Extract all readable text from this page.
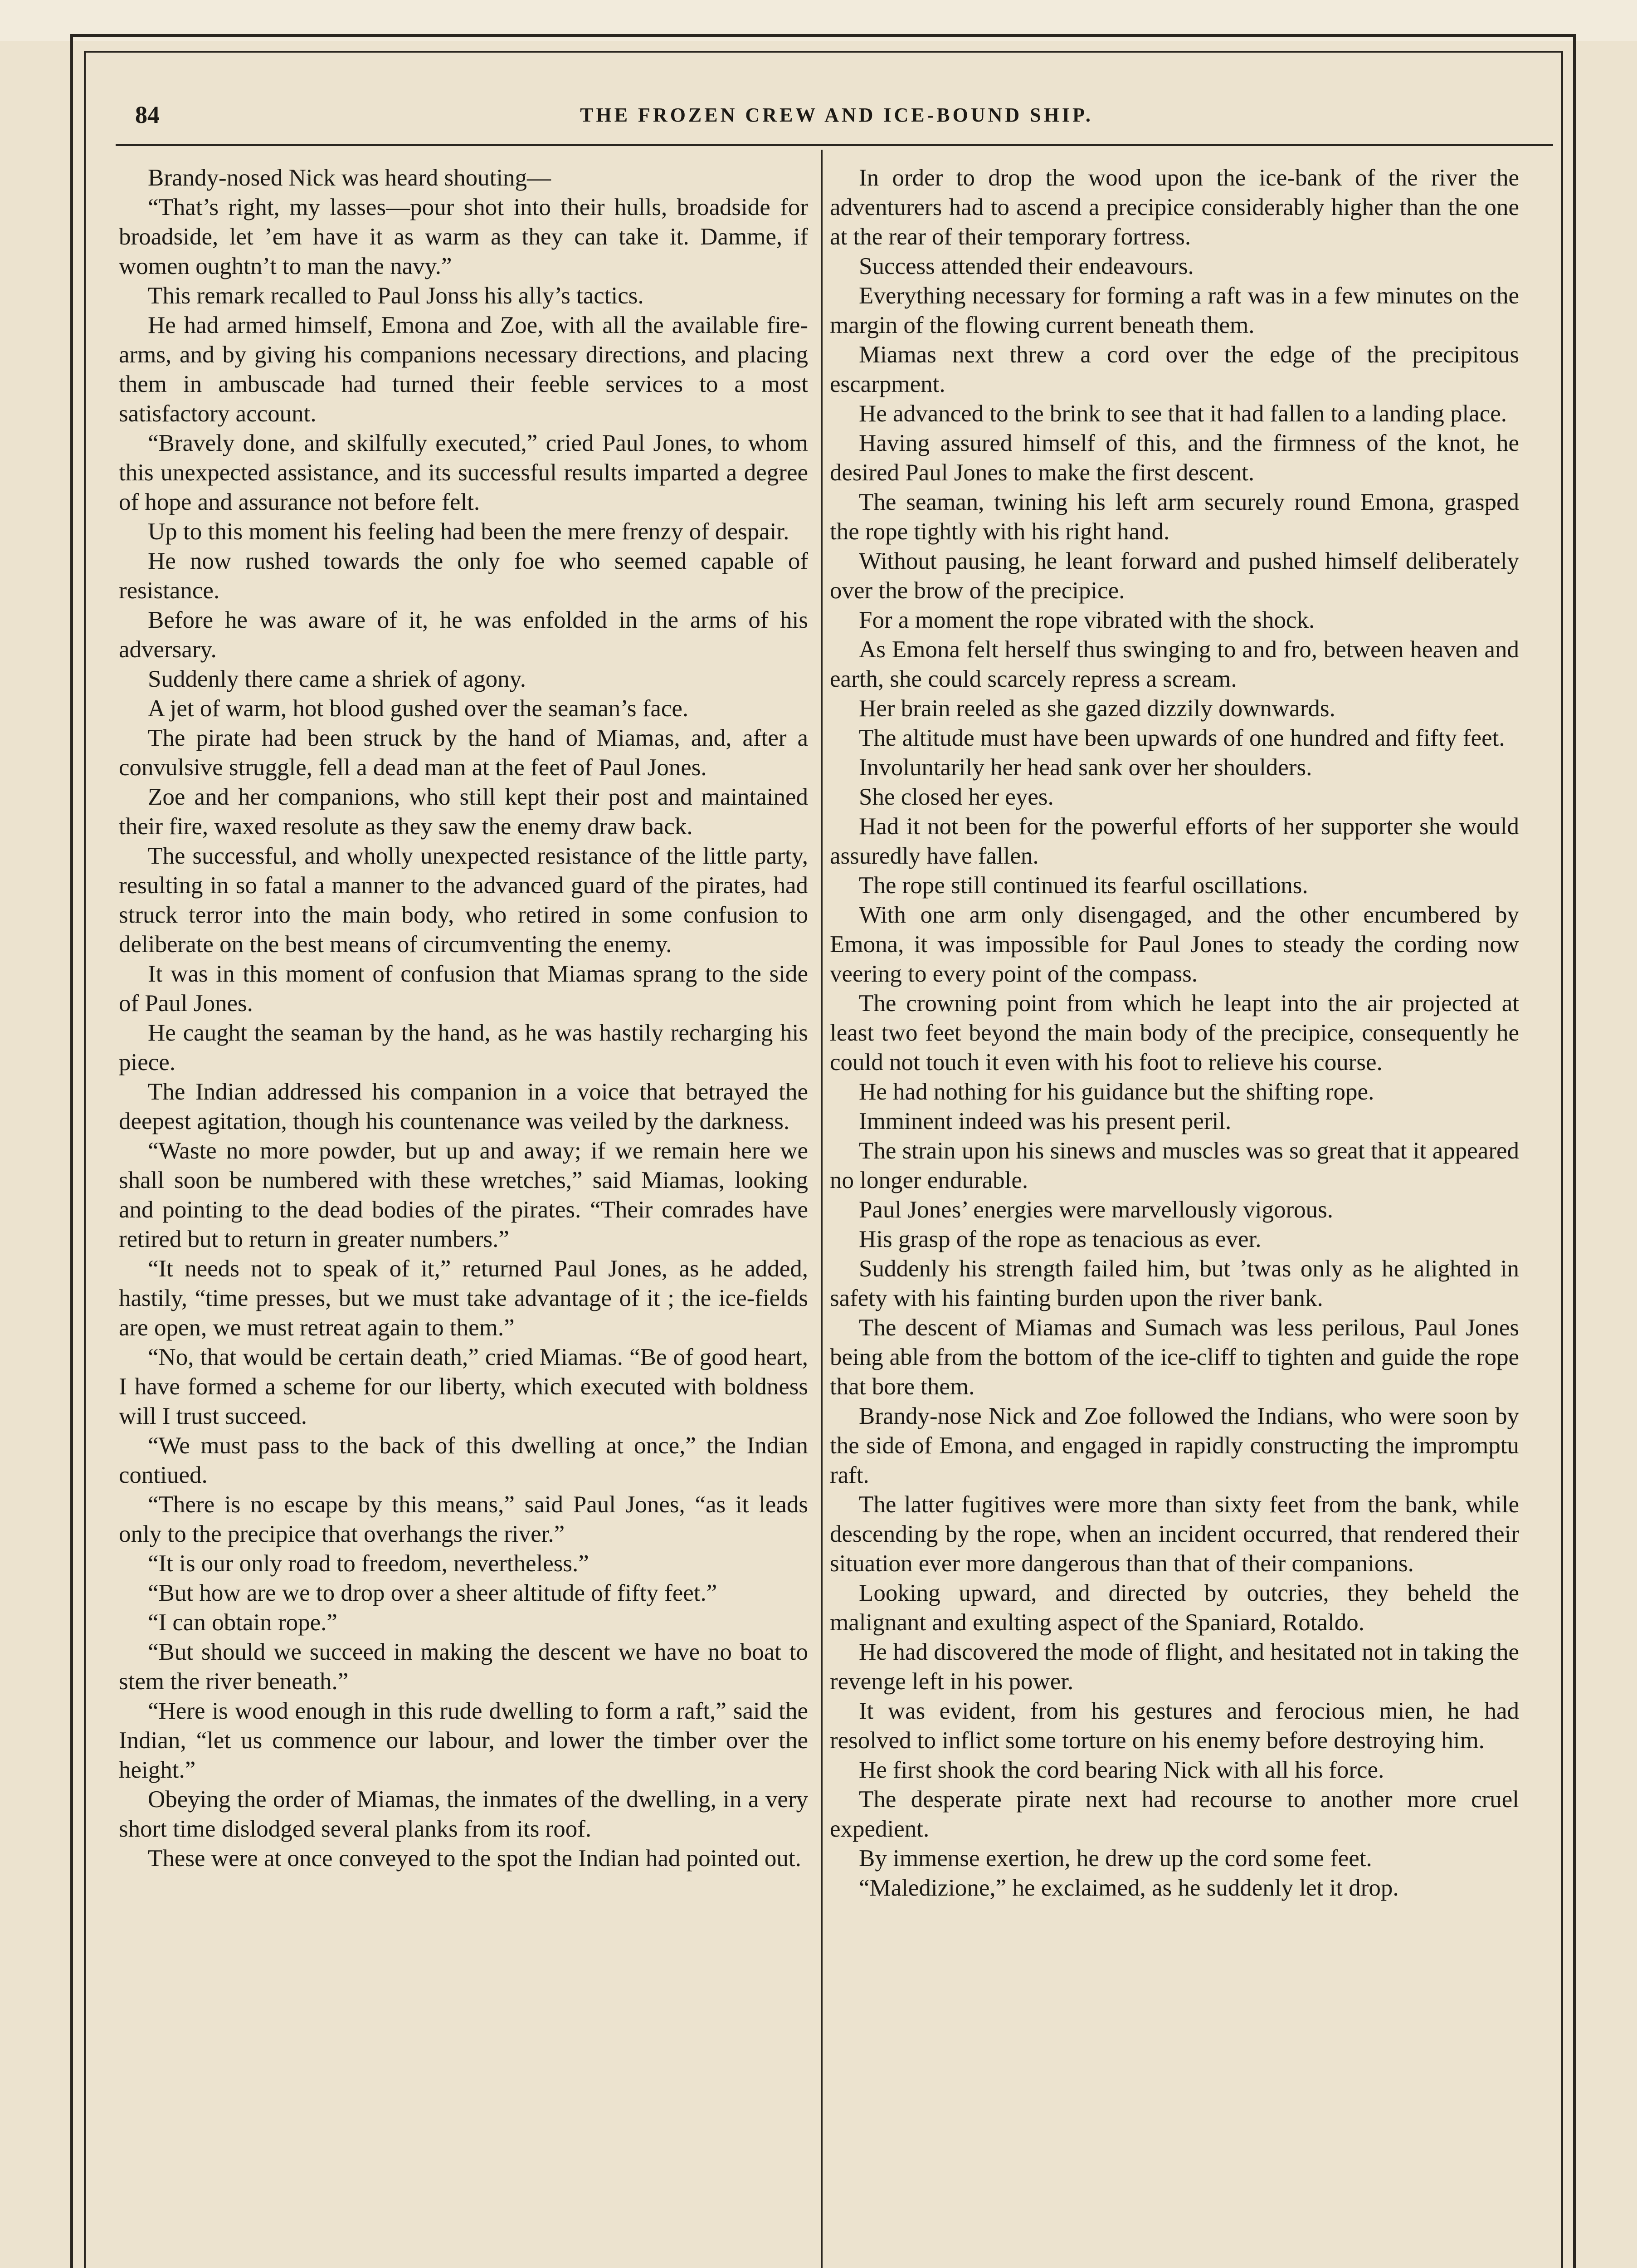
84	THE FROZEN CREW AND ICE-BOUND SHIP.

Brandy-nosed Nick was heard shouting—

“That’s right, my lasses—pour shot into their hulls, broadside for broadside, let ’em have it as warm as they can take it. Damme, if women oughtn’t to man the navy.”

This remark recalled to Paul Jonss his ally’s tactics.

He had armed himself, Emona and Zoe, with all the available fire-arms, and by giving his companions necessary directions, and placing them in ambuscade had turned their feeble services to a most satisfactory account.

“Bravely done, and skilfully executed,” cried Paul Jones, to whom this unexpected assistance, and its successful results imparted a degree of hope and assurance not before felt.

Up to this moment his feeling had been the mere frenzy of despair.

He now rushed towards the only foe who seemed capable of resistance.

Before he was aware of it, he was enfolded in the arms of his adversary.

Suddenly there came a shriek of agony.

A jet of warm, hot blood gushed over the seaman’s face.

The pirate had been struck by the hand of Miamas, and, after a convulsive struggle, fell a dead man at the feet of Paul Jones.

Zoe and her companions, who still kept their post and maintained their fire, waxed resolute as they saw the enemy draw back.

The successful, and wholly unexpected resistance of the little party, resulting in so fatal a manner to the advanced guard of the pirates, had struck terror into the main body, who retired in some confusion to deliberate on the best means of circumventing the enemy.

It was in this moment of confusion that Miamas sprang to the side of Paul Jones.

He caught the seaman by the hand, as he was hastily recharging his piece.

The Indian addressed his companion in a voice that betrayed the deepest agitation, though his countenance was veiled by the darkness.

“Waste no more powder, but up and away; if we remain here we shall soon be numbered with these wretches,” said Miamas, looking and pointing to the dead bodies of the pirates. “Their comrades have retired but to return in greater numbers.”

“It needs not to speak of it,” returned Paul Jones, as he added, hastily, “time presses, but we must take advantage of it ; the ice-fields are open, we must retreat again to them.”

“No, that would be certain death,” cried Miamas. “Be of good heart, I have formed a scheme for our liberty, which executed with boldness will I trust succeed.

“We must pass to the back of this dwelling at once,” the Indian contiued.

“There is no escape by this means,” said Paul Jones, “as it leads only to the precipice that overhangs the river.”

“It is our only road to freedom, nevertheless.”

“But how are we to drop over a sheer altitude of fifty feet.”

“I can obtain rope.”

“But should we succeed in making the descent we have no boat to stem the river beneath.”

“Here is wood enough in this rude dwelling to form a raft,” said the Indian, “let us commence our labour, and lower the timber over the height.”

Obeying the order of Miamas, the inmates of the dwelling, in a very short time dislodged several planks from its roof.

These were at once conveyed to the spot the Indian had pointed out.

In order to drop the wood upon the ice-bank of the river the adventurers had to ascend a precipice considerably higher than the one at the rear of their temporary fortress.

Success attended their endeavours.

Everything necessary for forming a raft was in a few minutes on the margin of the flowing current beneath them.

Miamas next threw a cord over the edge of the precipitous escarpment.

He advanced to the brink to see that it had fallen to a landing place.

Having assured himself of this, and the firmness of the knot, he desired Paul Jones to make the first descent.

The seaman, twining his left arm securely round Emona, grasped the rope tightly with his right hand.

Without pausing, he leant forward and pushed himself deliberately over the brow of the precipice.

For a moment the rope vibrated with the shock.

As Emona felt herself thus swinging to and fro, between heaven and earth, she could scarcely repress a scream.

Her brain reeled as she gazed dizzily downwards.

The altitude must have been upwards of one hundred and fifty feet.

Involuntarily her head sank over her shoulders.

She closed her eyes.

Had it not been for the powerful efforts of her supporter she would assuredly have fallen.

The rope still continued its fearful oscillations.

With one arm only disengaged, and the other encumbered by Emona, it was impossible for Paul Jones to steady the cording now veering to every point of the compass.

The crowning point from which he leapt into the air projected at least two feet beyond the main body of the precipice, consequently he could not touch it even with his foot to relieve his course.

He had nothing for his guidance but the shifting rope.

Imminent indeed was his present peril.

The strain upon his sinews and muscles was so great that it appeared no longer endurable.

Paul Jones’ energies were marvellously vigorous.

His grasp of the rope as tenacious as ever.

Suddenly his strength failed him, but ’twas only as he alighted in safety with his fainting burden upon the river bank.

The descent of Miamas and Sumach was less perilous, Paul Jones being able from the bottom of the ice-cliff to tighten and guide the rope that bore them.

Brandy-nose Nick and Zoe followed the Indians, who were soon by the side of Emona, and engaged in rapidly constructing the impromptu raft.

The latter fugitives were more than sixty feet from the bank, while descending by the rope, when an incident occurred, that rendered their situation ever more dangerous than that of their companions.

Looking upward, and directed by outcries, they beheld the malignant and exulting aspect of the Spaniard, Rotaldo.

He had discovered the mode of flight, and hesitated not in taking the revenge left in his power.

It was evident, from his gestures and ferocious mien, he had resolved to inflict some torture on his enemy before destroying him.

He first shook the cord bearing Nick with all his force.

The desperate pirate next had recourse to another more cruel expedient.

By immense exertion, he drew up the cord some feet.

“Maledizione,” he exclaimed, as he suddenly let it drop.
